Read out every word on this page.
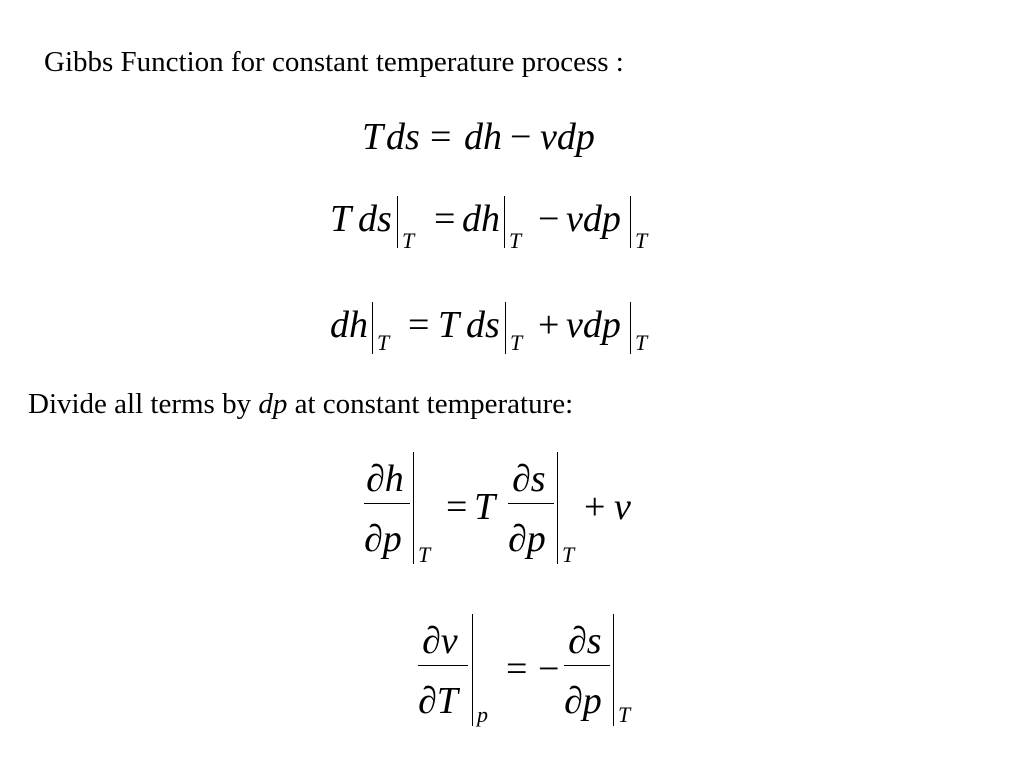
Gibbs Function for constant temperature process :
T ds = dh − vdp
T ds
T
= dh
T
− vdp
T
dh T = T ds T + vdp T
Divide all terms by dp at constant temperature:
∂h
∂p T
= T
∂s
∂p T
+ v
∂v
∂T p
= −
∂s
∂p T
